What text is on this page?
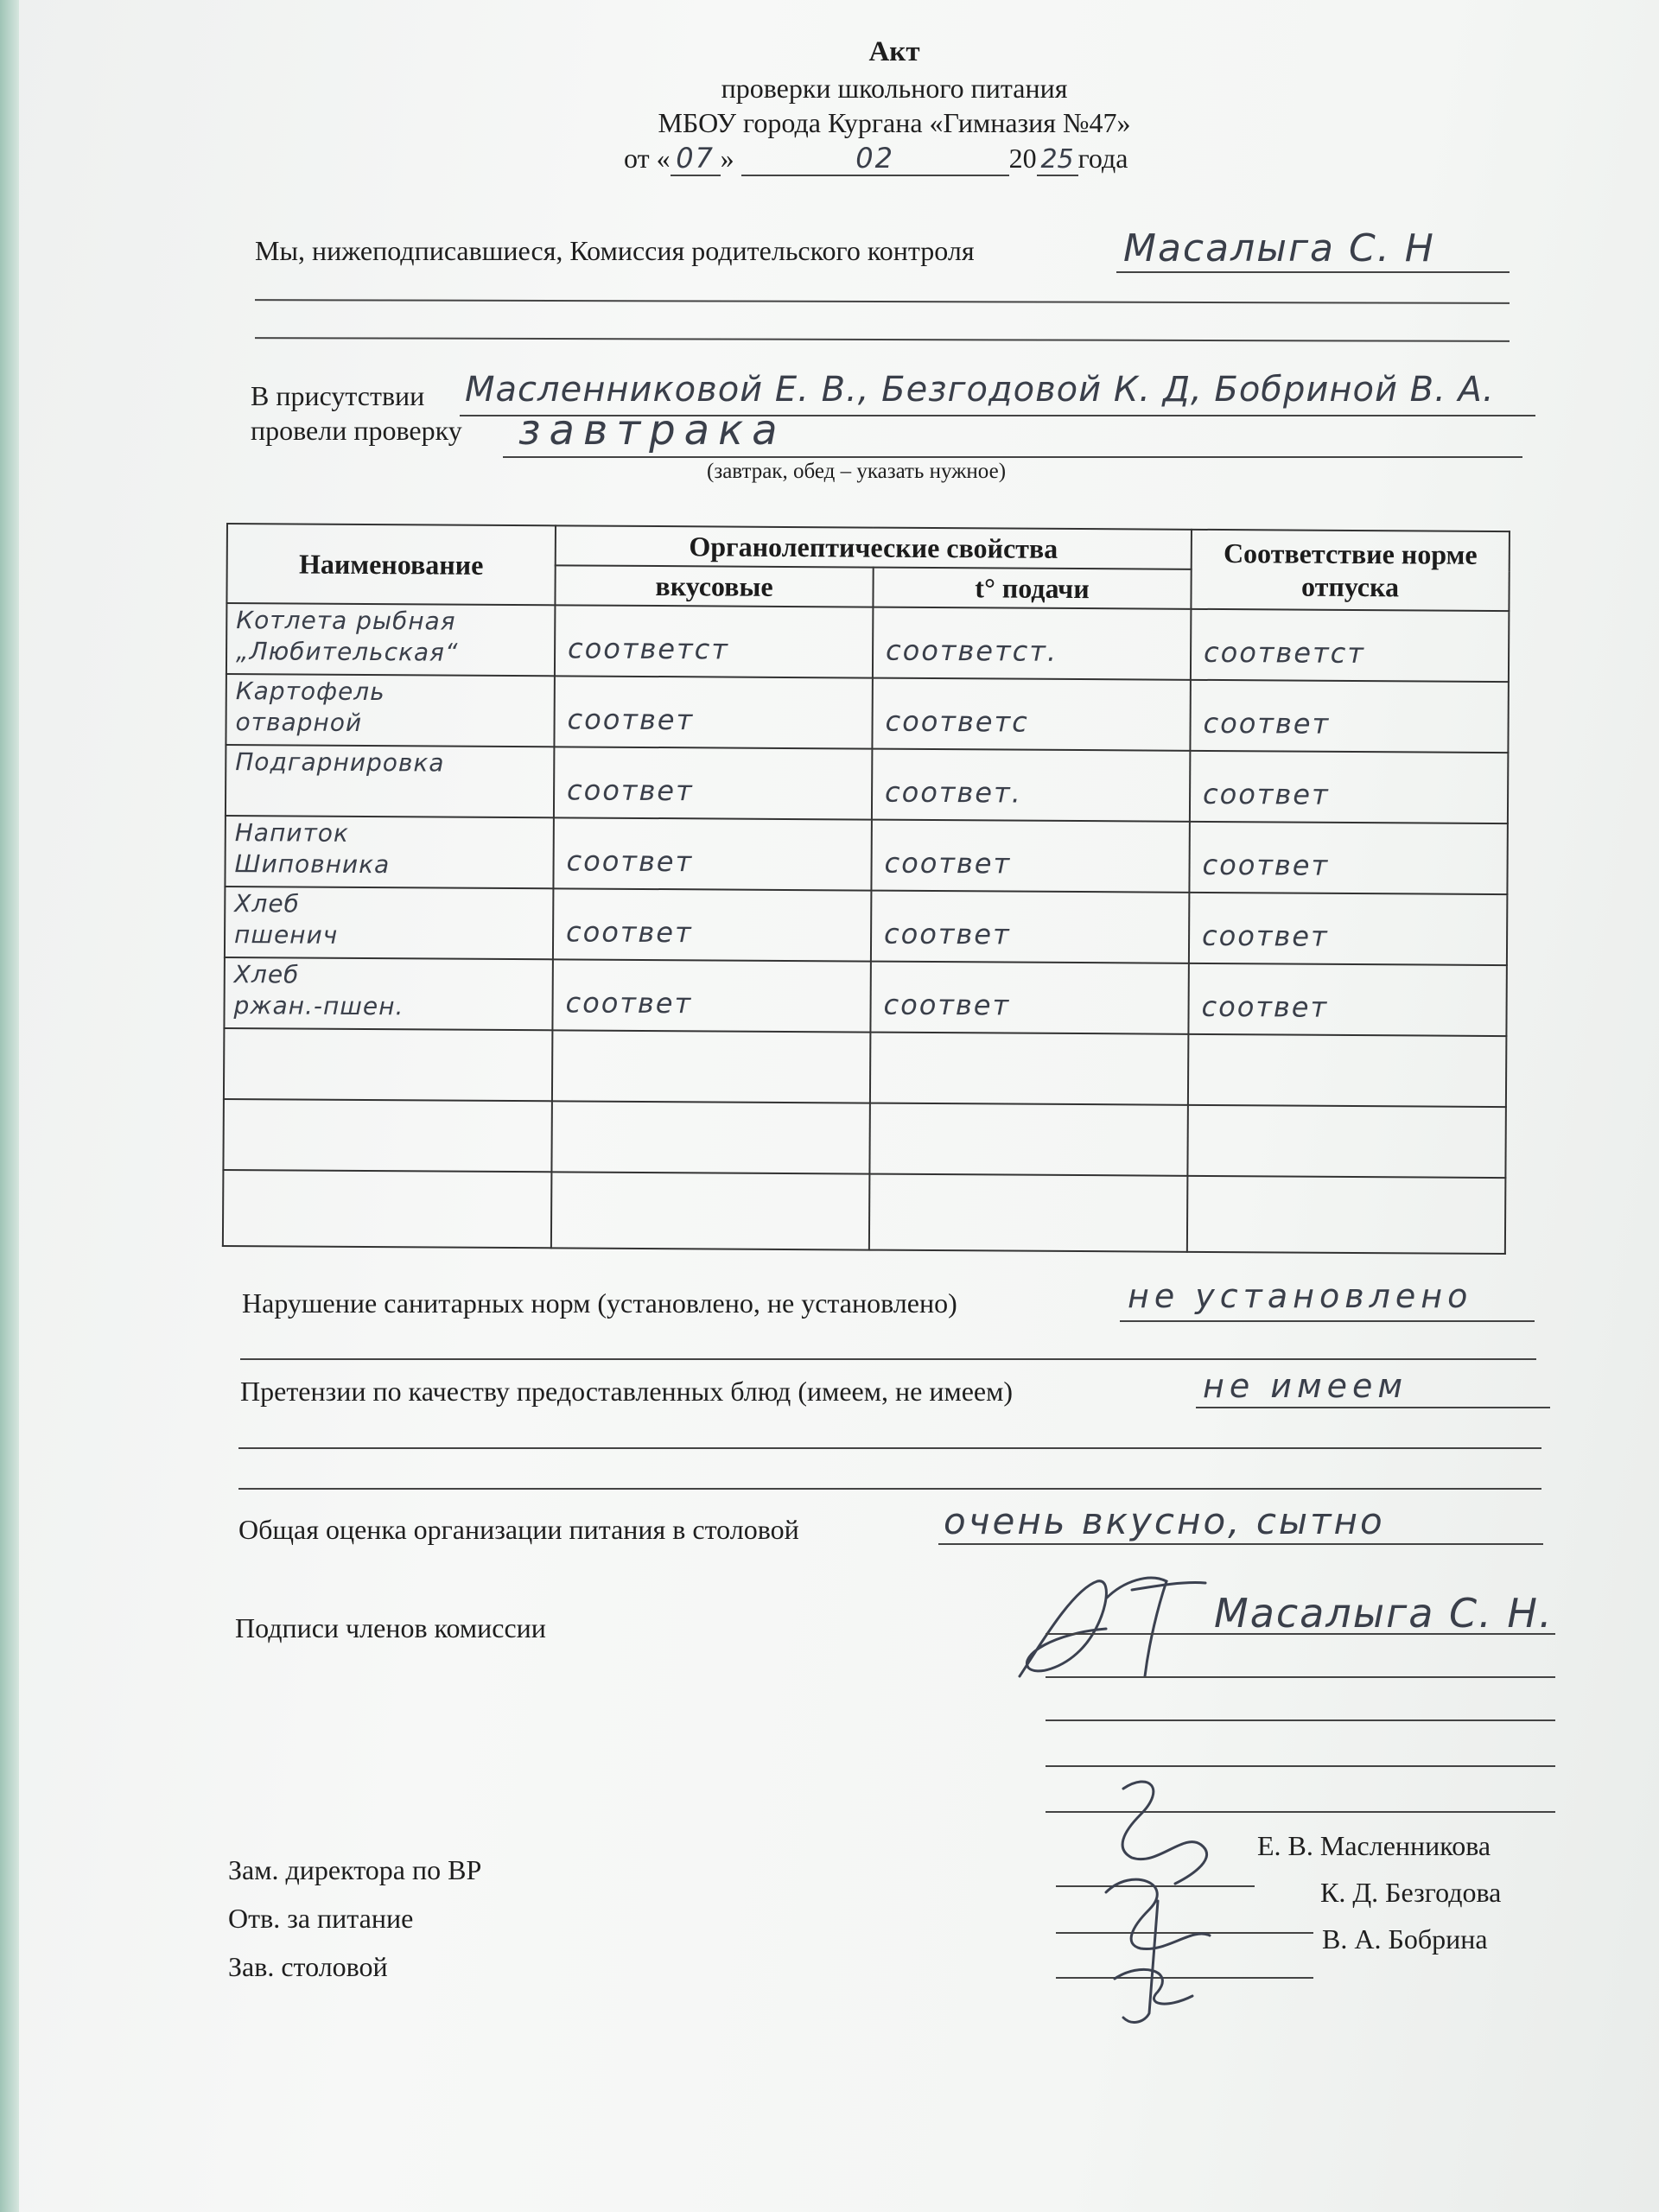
Акт
проверки школьного питания
МБОУ города Кургана «Гимназия №47»
от « 07 »	02	20 25 года
Мы, нижеподписавшиеся, Комиссия родительского контроля	Масалыга С. Н
В присутствии Масленниковой Е. В., Безгодовой К. Д, Бобриной В. А.
провели проверку завтрака
(завтрак, обед – указать нужное)
Наименование	Органолептические свойства		Соответствие норме отпуска
	вкусовые	t° подачи	

Котлета рыбная
„Любительская“	соответст	соответст.	соответст

Картофель
отварной	соответ	соответс	соответ

Подгарнировка	соответ	соответ.	соответ

Напиток
Шиповника	соответ	соответ	соответ

Хлеб
пшенич	соответ	соответ	соответ

Хлеб
ржан.-пшен.	соответ	соответ	соответ

Нарушение санитарных норм (установлено, не установлено)	не установлено
Претензии по качеству предоставленных блюд (имеем, не имеем)	не имеем
Общая оценка организации питания в столовой	очень вкусно, сытно
Подписи членов комиссии	Масалыга С. Н.
Зам. директора по ВР
Е. В. Масленникова
Отв. за питание
К. Д. Безгодова
Зав. столовой
В. А. Бобрина
